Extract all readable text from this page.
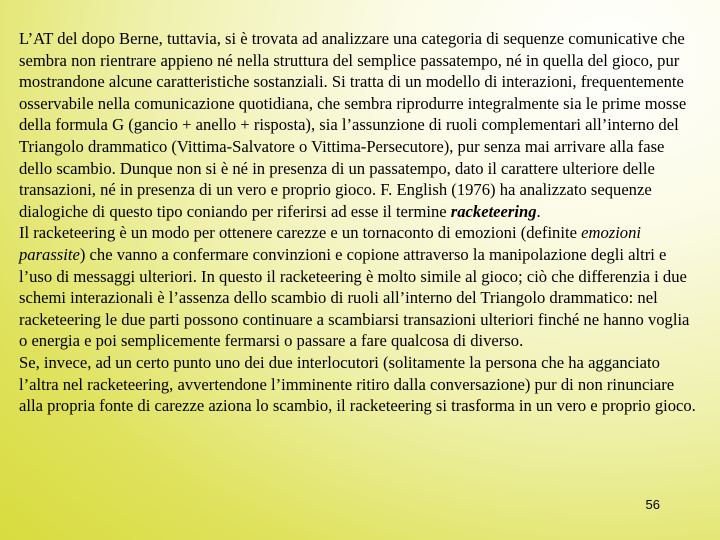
L’AT del dopo Berne, tuttavia, si è trovata ad analizzare una categoria di sequenze comunicative che sembra non rientrare appieno né nella struttura del semplice passatempo, né in quella del gioco, pur mostrandone alcune caratteristiche sostanziali. Si tratta di un modello di interazioni, frequentemente osservabile nella comunicazione quotidiana, che sembra riprodurre integralmente sia le prime mosse della formula G (gancio + anello + risposta), sia l’assunzione di ruoli complementari all’interno del Triangolo drammatico (Vittima-Salvatore o Vittima-Persecutore), pur senza mai arrivare alla fase dello scambio. Dunque non si è né in presenza di un passatempo, dato il carattere ulteriore delle transazioni, né in presenza di un vero e proprio gioco. F. English (1976) ha analizzato sequenze dialogiche di questo tipo coniando per riferirsi ad esse il termine racketeering.

Il racketeering è un modo per ottenere carezze e un tornaconto di emozioni (definite emozioni parassite) che vanno a confermare convinzioni e copione attraverso la manipolazione degli altri e l’uso di messaggi ulteriori. In questo il racketeering è molto simile al gioco; ciò che differenzia i due schemi interazionali è l’assenza dello scambio di ruoli all’interno del Triangolo drammatico: nel racketeering le due parti possono continuare a scambiarsi transazioni ulteriori finché ne hanno voglia o energia e poi semplicemente fermarsi o passare a fare qualcosa di diverso.

Se, invece, ad un certo punto uno dei due interlocutori (solitamente la persona che ha agganciato l’altra nel racketeering, avvertendone l’imminente ritiro dalla conversazione) pur di non rinunciare alla propria fonte di carezze aziona lo scambio, il racketeering si trasforma in un vero e proprio gioco.

56
